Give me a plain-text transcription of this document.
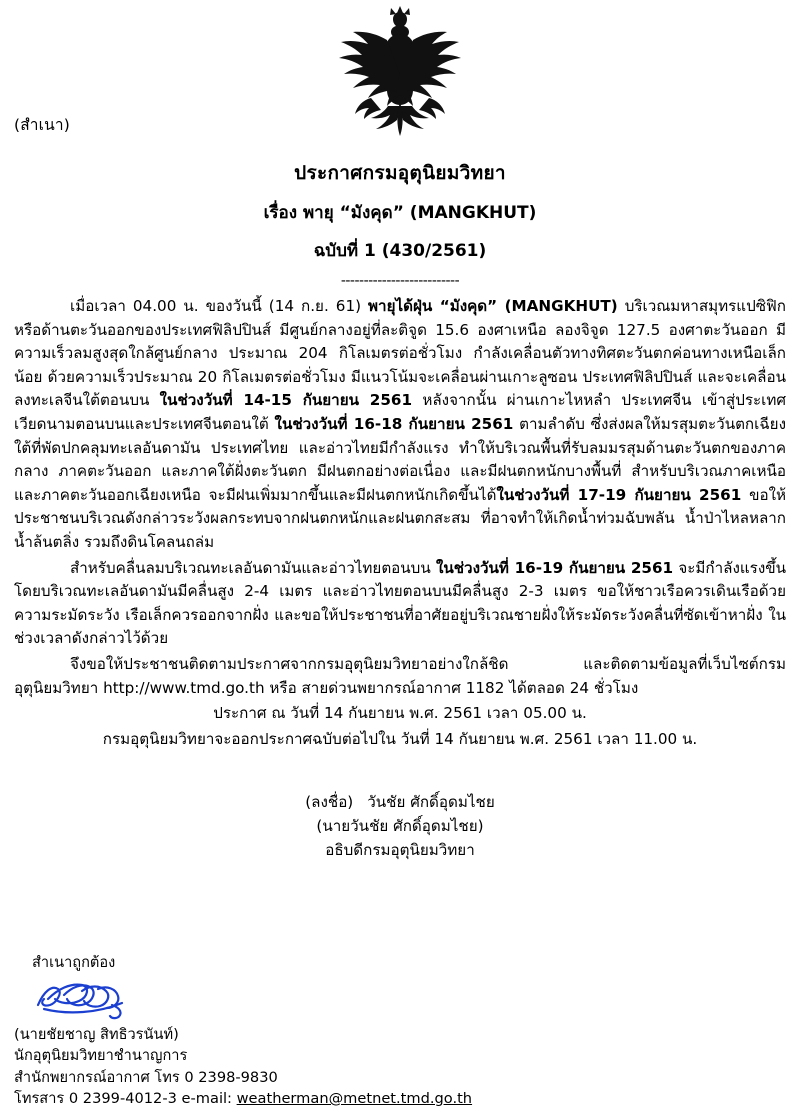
(สำเนา)
ประกาศกรมอุตุนิยมวิทยา
เรื่อง พายุ “มังคุด” (MANGKHUT)
ฉบับที่ 1 (430/2561)
--------------------------

เมื่อเวลา 04.00 น. ของวันนี้ (14 ก.ย. 61) พายุได้ฝุ่น “มังคุด” (MANGKHUT) บริเวณมหาสมุทรแปซิฟิก หรือด้านตะวันออกของประเทศฟิลิปปินส์ มีศูนย์กลางอยู่ที่ละติจูด 15.6 องศาเหนือ ลองจิจูด 127.5 องศาตะวันออก มีความเร็วลมสูงสุดใกล้ศูนย์กลาง ประมาณ 204 กิโลเมตรต่อชั่วโมง กำลังเคลื่อนตัวทางทิศตะวันตกค่อนทางเหนือเล็กน้อย ด้วยความเร็วประมาณ 20 กิโลเมตรต่อชั่วโมง มีแนวโน้มจะเคลื่อนผ่านเกาะลูซอน ประเทศฟิลิปปินส์ และจะเคลื่อนลงทะเลจีนใต้ตอนบน ในช่วงวันที่ 14-15 กันยายน 2561 หลังจากนั้น ผ่านเกาะไหหลำ ประเทศจีน เข้าสู่ประเทศเวียดนามตอนบนและประเทศจีนตอนใต้ ในช่วงวันที่ 16-18 กันยายน 2561 ตามลำดับ ซึ่งส่งผลให้มรสุมตะวันตกเฉียงใต้ที่พัดปกคลุมทะเลอันดามัน ประเทศไทย และอ่าวไทยมีกำลังแรง ทำให้บริเวณพื้นที่รับลมมรสุมด้านตะวันตกของภาคกลาง ภาคตะวันออก และภาคใต้ฝั่งตะวันตก มีฝนตกอย่างต่อเนื่อง และมีฝนตกหนักบางพื้นที่ สำหรับบริเวณภาคเหนือและภาคตะวันออกเฉียงเหนือ จะมีฝนเพิ่มมากขึ้นและมีฝนตกหนักเกิดขึ้นได้ในช่วงวันที่ 17-19 กันยายน 2561 ขอให้ประชาชนบริเวณดังกล่าวระวังผลกระทบจากฝนตกหนักและฝนตกสะสม ที่อาจทำให้เกิดน้ำท่วมฉับพลัน น้ำป่าไหลหลาก น้ำล้นตลิ่ง รวมถึงดินโคลนถล่ม

สำหรับคลื่นลมบริเวณทะเลอันดามันและอ่าวไทยตอนบน ในช่วงวันที่ 16-19 กันยายน 2561 จะมีกำลังแรงขึ้น โดยบริเวณทะเลอันดามันมีคลื่นสูง 2-4 เมตร และอ่าวไทยตอนบนมีคลื่นสูง 2-3 เมตร ขอให้ชาวเรือควรเดินเรือด้วยความระมัดระวัง เรือเล็กควรออกจากฝั่ง และขอให้ประชาชนที่อาศัยอยู่บริเวณชายฝั่งให้ระมัดระวังคลื่นที่ซัดเข้าหาฝั่ง ในช่วงเวลาดังกล่าวไว้ด้วย

จึงขอให้ประชาชนติดตามประกาศจากกรมอุตุนิยมวิทยาอย่างใกล้ชิด และติดตามข้อมูลที่เว็บไซต์กรมอุตุนิยมวิทยา http://www.tmd.go.th หรือ สายด่วนพยากรณ์อากาศ 1182 ได้ตลอด 24 ชั่วโมง

ประกาศ ณ วันที่ 14 กันยายน พ.ศ. 2561 เวลา 05.00 น.
กรมอุตุนิยมวิทยาจะออกประกาศฉบับต่อไปใน วันที่ 14 กันยายน พ.ศ. 2561 เวลา 11.00 น.
(ลงชื่อ) วันชัย ศักดิ์อุดมไชย
(นายวันชัย ศักดิ์อุดมไชย)
อธิบดีกรมอุตุนิยมวิทยา
สำเนาถูกต้อง
(นายชัยชาญ สิทธิวรนันท์)
นักอุตุนิยมวิทยาชำนาญการ
สำนักพยากรณ์อากาศ โทร 0 2398-9830
โทรสาร 0 2399-4012-3 e-mail: weatherman@metnet.tmd.go.th
